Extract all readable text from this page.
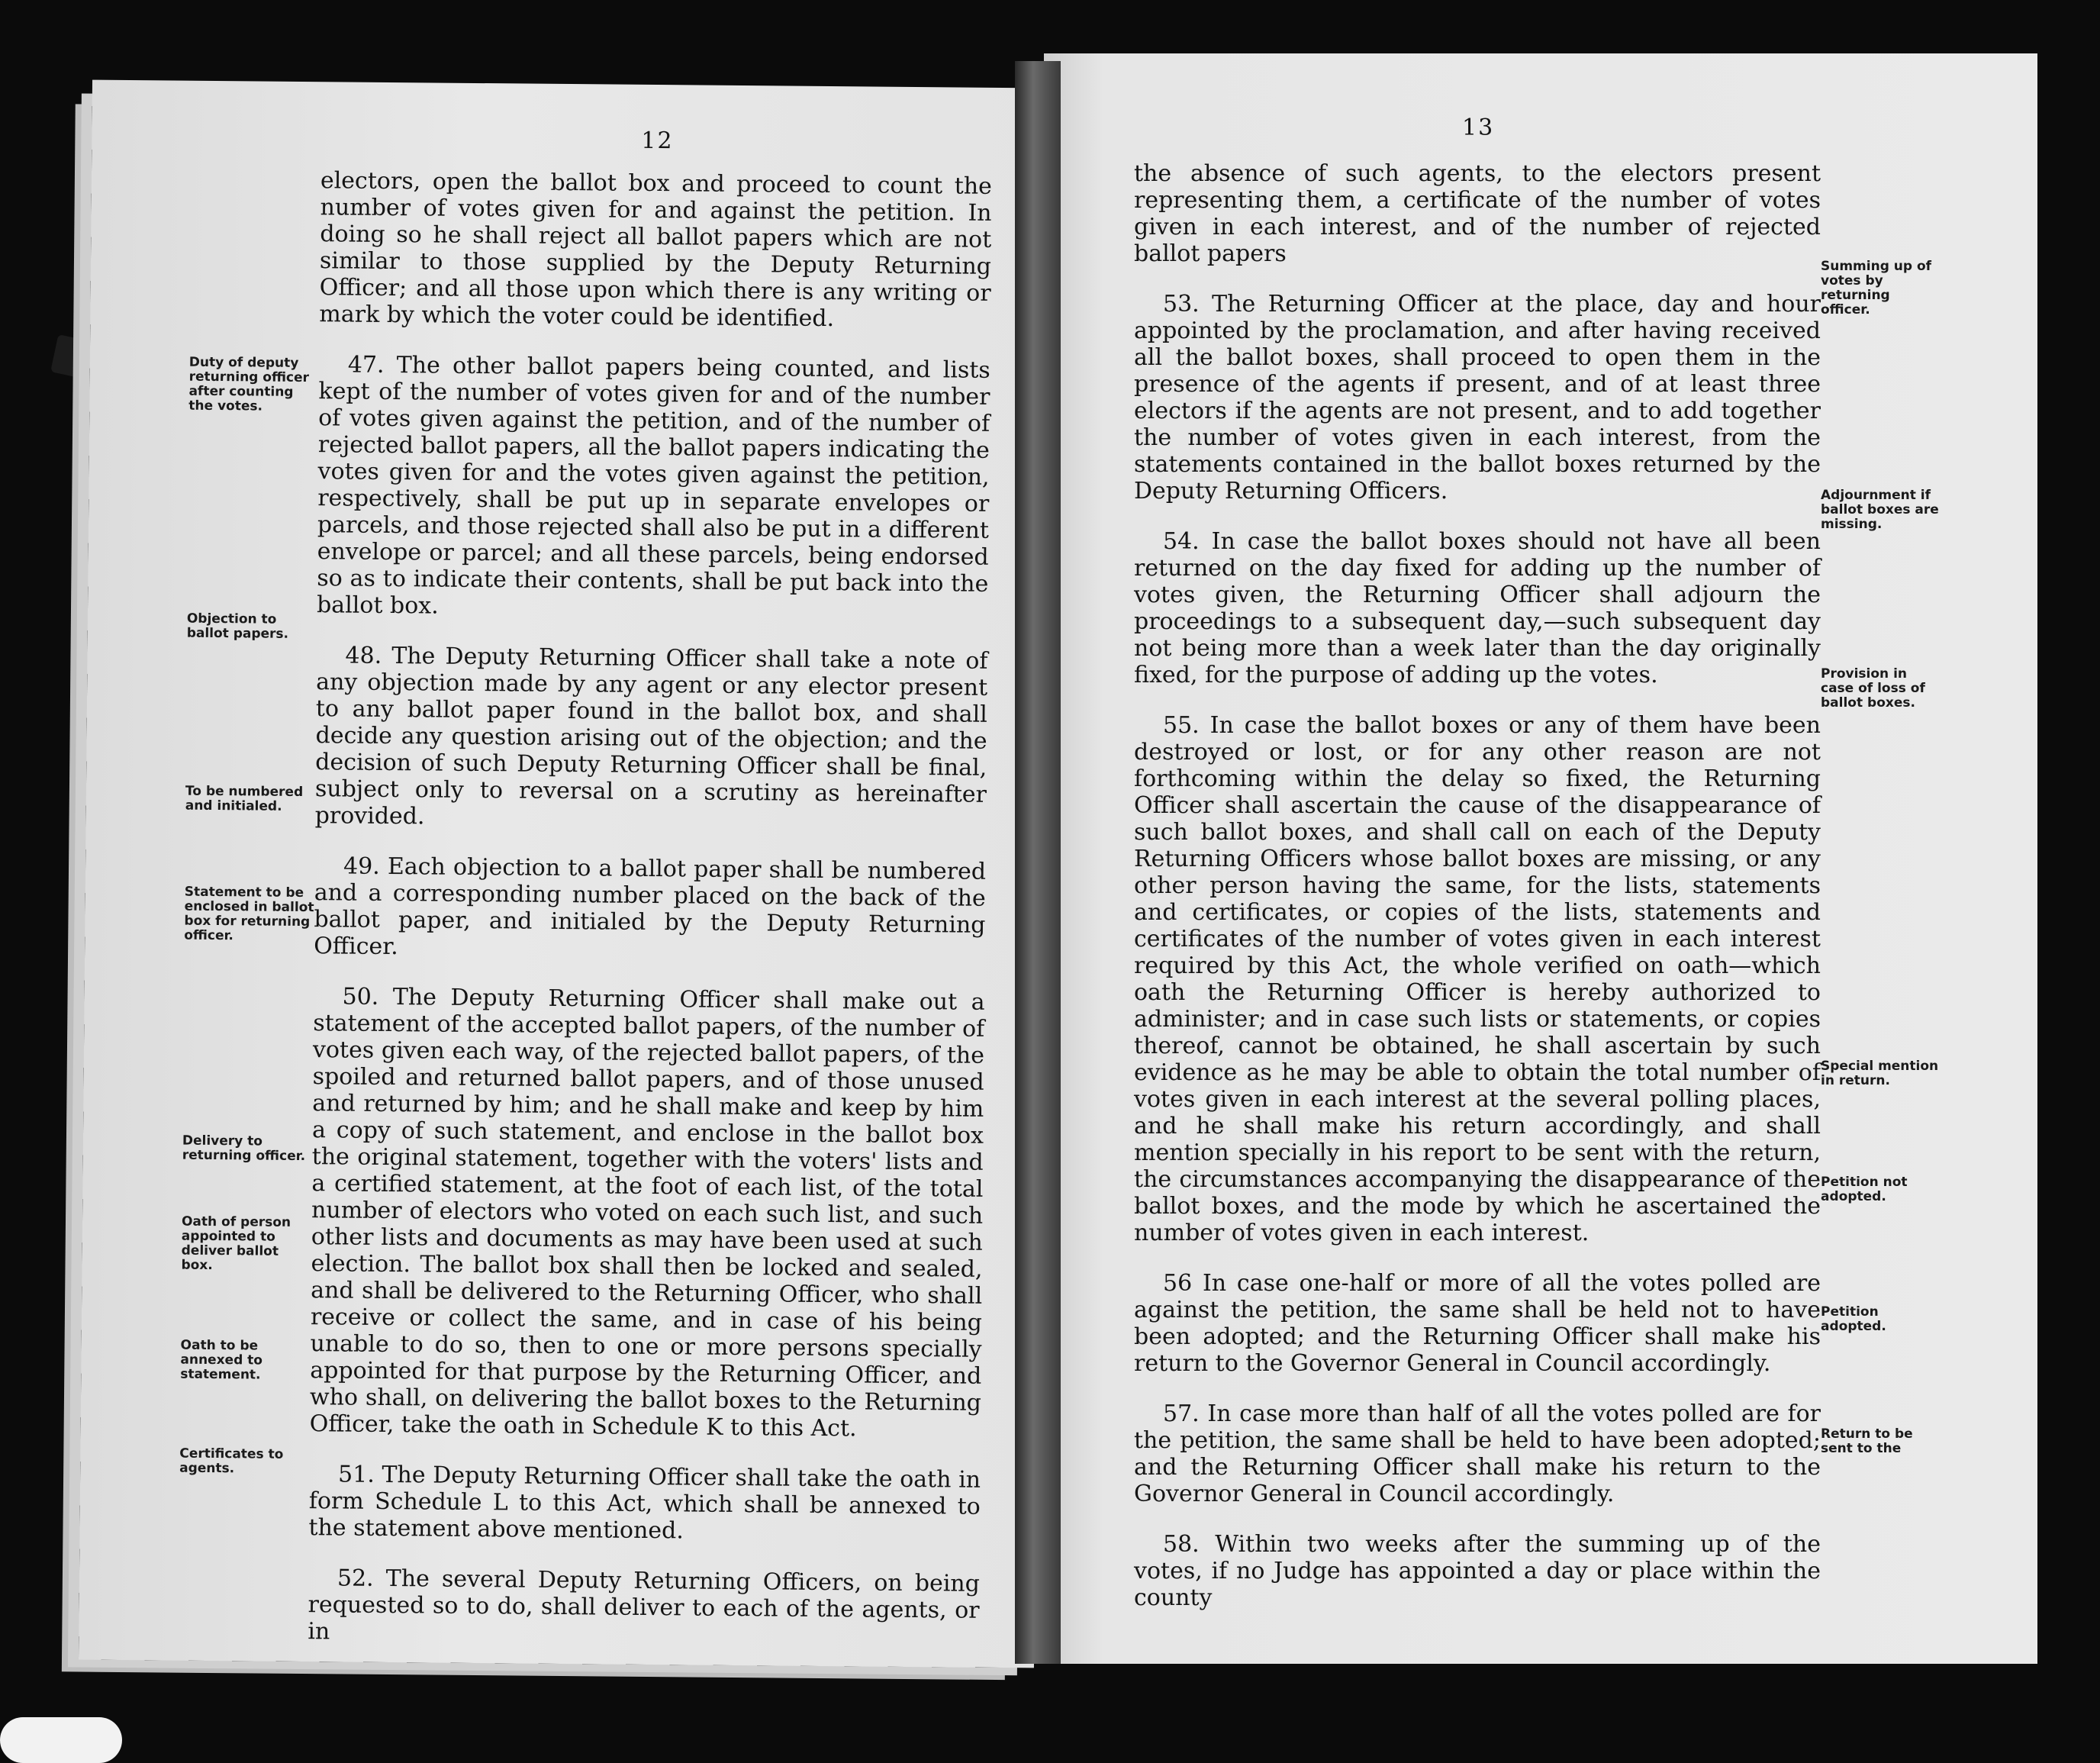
12
Duty of deputy returning officer after counting the votes.
Objection to ballot papers.
To be numbered and initialed.
Statement to be enclosed in ballot box for returning officer.
Delivery to returning officer.
Oath of person appointed to deliver ballot box.
Oath to be annexed to statement.
Certificates to agents.

electors, open the ballot box and proceed to count the number of votes given for and against the petition. In doing so he shall reject all ballot papers which are not similar to those supplied by the Deputy Returning Officer; and all those upon which there is any writing or mark by which the voter could be identified.

47. The other ballot papers being counted, and lists kept of the number of votes given for and of the number of votes given against the petition, and of the number of rejected ballot papers, all the ballot papers indicating the votes given for and the votes given against the petition, respectively, shall be put up in separate envelopes or parcels, and those rejected shall also be put in a different envelope or parcel; and all these parcels, being endorsed so as to indicate their contents, shall be put back into the ballot box.

48. The Deputy Returning Officer shall take a note of any objection made by any agent or any elector present to any ballot paper found in the ballot box, and shall decide any question arising out of the objection; and the decision of such Deputy Returning Officer shall be final, subject only to reversal on a scrutiny as hereinafter provided.

49. Each objection to a ballot paper shall be numbered and a corresponding number placed on the back of the ballot paper, and initialed by the Deputy Returning Officer.

50. The Deputy Returning Officer shall make out a statement of the accepted ballot papers, of the number of votes given each way, of the rejected ballot papers, of the spoiled and returned ballot papers, and of those unused and returned by him; and he shall make and keep by him a copy of such statement, and enclose in the ballot box the original statement, together with the voters' lists and a certified statement, at the foot of each list, of the total number of electors who voted on each such list, and such other lists and documents as may have been used at such election. The ballot box shall then be locked and sealed, and shall be delivered to the Returning Officer, who shall receive or collect the same, and in case of his being unable to do so, then to one or more persons specially appointed for that purpose by the Returning Officer, and who shall, on delivering the ballot boxes to the Returning Officer, take the oath in Schedule K to this Act.

51. The Deputy Returning Officer shall take the oath in form Schedule L to this Act, which shall be annexed to the statement above mentioned.

52. The several Deputy Returning Officers, on being requested so to do, shall deliver to each of the agents, or in

13
Summing up of votes by returning officer.
Adjournment if ballot boxes are missing.
Provision in case of loss of ballot boxes.
Special mention in return.
Petition not adopted.
Petition adopted.
Return to be sent to the

the absence of such agents, to the electors present representing them, a certificate of the number of votes given in each interest, and of the number of rejected ballot papers

53. The Returning Officer at the place, day and hour appointed by the proclamation, and after having received all the ballot boxes, shall proceed to open them in the presence of the agents if present, and of at least three electors if the agents are not present, and to add together the number of votes given in each interest, from the statements contained in the ballot boxes returned by the Deputy Returning Officers.

54. In case the ballot boxes should not have all been returned on the day fixed for adding up the number of votes given, the Returning Officer shall adjourn the proceedings to a subsequent day,—such subsequent day not being more than a week later than the day originally fixed, for the purpose of adding up the votes.

55. In case the ballot boxes or any of them have been destroyed or lost, or for any other reason are not forthcoming within the delay so fixed, the Returning Officer shall ascertain the cause of the disappearance of such ballot boxes, and shall call on each of the Deputy Returning Officers whose ballot boxes are missing, or any other person having the same, for the lists, statements and certificates, or copies of the lists, statements and certificates of the number of votes given in each interest required by this Act, the whole verified on oath—which oath the Returning Officer is hereby authorized to administer; and in case such lists or statements, or copies thereof, cannot be obtained, he shall ascertain by such evidence as he may be able to obtain the total number of votes given in each interest at the several polling places, and he shall make his return accordingly, and shall mention specially in his report to be sent with the return, the circumstances accompanying the disappearance of the ballot boxes, and the mode by which he ascertained the number of votes given in each interest.

56 In case one-half or more of all the votes polled are against the petition, the same shall be held not to have been adopted; and the Returning Officer shall make his return to the Governor General in Council accordingly.

57. In case more than half of all the votes polled are for the petition, the same shall be held to have been adopted; and the Returning Officer shall make his return to the Governor General in Council accordingly.

58. Within two weeks after the summing up of the votes, if no Judge has appointed a day or place within the county
